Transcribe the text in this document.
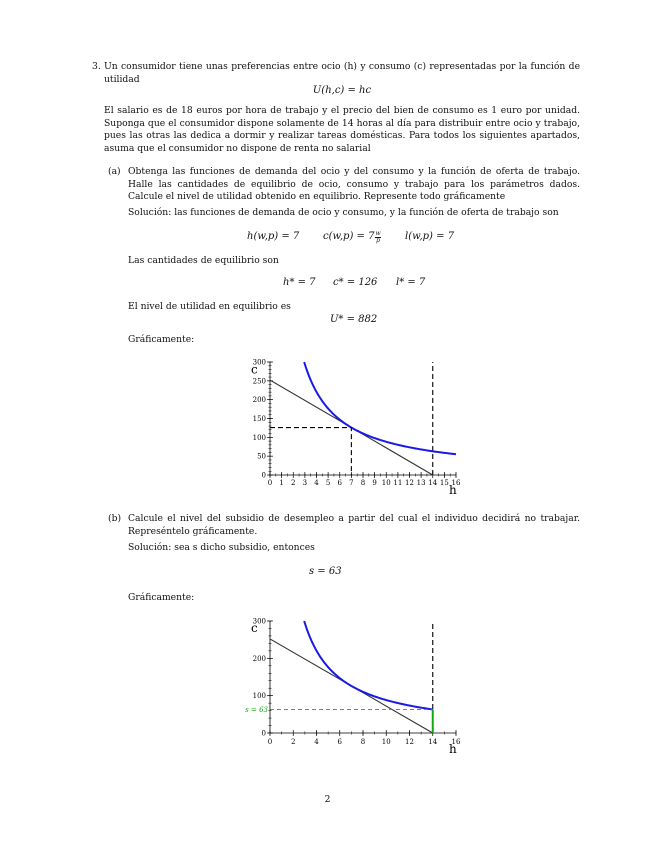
3. Un consumidor tiene unas preferencias entre ocio (h) y consumo (c) representadas por la función de utilidad
U(h,c) = hc
El salario es de 18 euros por hora de trabajo y el precio del bien de consumo es 1 euro por unidad. Suponga que el consumidor dispone solamente de 14 horas al día para distribuir entre ocio y trabajo, pues las otras las dedica a dormir y realizar tareas domésticas. Para todos los siguientes apartados, asuma que el consumidor no dispone de renta no salarial
(a) Obtenga las funciones de demanda del ocio y del consumo y la función de oferta de trabajo. Halle las cantidades de equilibrio de ocio, consumo y trabajo para los parámetros dados. Calcule el nivel de utilidad obtenido en equilibrio. Represente todo gráficamente
Solución: las funciones de demanda de ocio y consumo, y la función de oferta de trabajo son
h(w,p) = 7 $c(w,p) = 7 \frac{w}{p} l(w,p) = 7$
Las cantidades de equilibrio son
h* = 7 c* = 126 l* = 7
El nivel de utilidad en equilibrio es
U* = 882
Gráficamente:
0 1 2 3 4 5 6 7 8 9 10 11 12 13 14 15 16
0
50
100
150
200
250
300
c
h
(b) Calcule el nivel del subsidio de desempleo a partir del cual el individuo decidirá no trabajar. Represéntelo gráficamente.
Solución: sea s dicho subsidio, entonces
s = 63
Gráficamente:
0	2	4	6	8 10 12 14 16
0
100
200
300
c
h
s = 63
2
